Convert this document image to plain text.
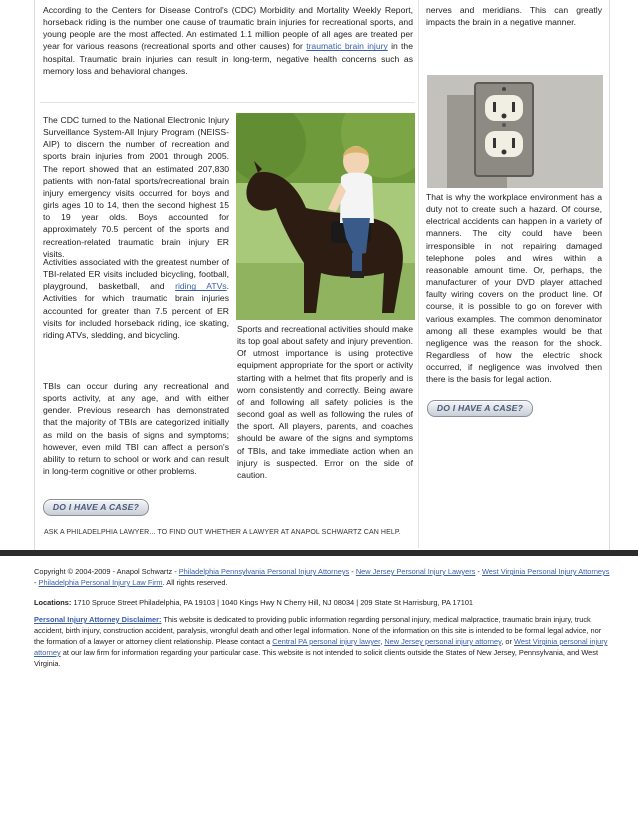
According to the Centers for Disease Control's (CDC) Morbidity and Mortality Weekly Report, horseback riding is the number one cause of traumatic brain injuries for recreational sports, and young people are the most affected. An estimated 1.1 million people of all ages are treated per year for various reasons (recreational sports and other causes) for traumatic brain injury in the hospital. Traumatic brain injuries can result in long-term, negative health concerns such as memory loss and behavioral changes.

The CDC turned to the National Electronic Injury Surveillance System-All Injury Program (NEISS-AIP) to discern the number of recreation and sports brain injuries from 2001 through 2005. The report showed that an estimated 207,830 patients with non-fatal sports/recreational brain injury emergency visits occurred for boys and girls ages 10 to 14, then the second highest 15 to 19 year olds. Boys accounted for approximately 70.5 percent of the sports and recreation-related traumatic brain injury ER visits.

Activities associated with the greatest number of TBI-related ER visits included bicycling, football, playground, basketball, and riding ATVs. Activities for which traumatic brain injuries accounted for greater than 7.5 percent of ER visits for included horseback riding, ice skating, riding ATVs, sledding, and bicycling.

TBIs can occur during any recreational and sports activity, at any age, and with either gender. Previous research has demonstrated that the majority of TBIs are categorized initially as mild on the basis of signs and symptoms; however, even mild TBI can affect a person's ability to return to school or work and can result in long-term cognitive or other problems.

Sports and recreational activities should make its top goal about safety and injury prevention. Of utmost importance is using protective equipment appropriate for the sport or activity starting with a helmet that fits properly and is worn consistently and correctly. Being aware of and following all safety policies is the second goal as well as following the rules of the sport. All players, parents, and coaches should be aware of the signs and symptoms of TBIs, and take immediate action when an injury is suspected. Error on the side of caution.

DO I HAVE A CASE?
ASK A PHILADELPHIA LAWYER... TO FIND OUT WHETHER A LAWYER AT ANAPOL SCHWARTZ CAN HELP.

nerves and meridians. This can greatly impacts the brain in a negative manner.

That is why the workplace environment has a duty not to create such a hazard. Of course, electrical accidents can happen in a variety of manners. The city could have been irresponsible in not repairing damaged telephone poles and wires within a reasonable amount time. Or, perhaps, the manufacturer of your DVD player attached faulty wiring covers on the product line. Of course, it is possible to go on forever with various examples. The common denominator among all these examples would be that negligence was the reason for the shock. Regardless of how the electric shock occurred, if negligence was involved then there is the basis for legal action.

DO I HAVE A CASE?

Copyright © 2004-2009 - Anapol Schwartz - Philadelphia Pennsylvania Personal Injury Attorneys - New Jersey Personal Injury Lawyers - West Virginia Personal Injury Attorneys - Philadelphia Personal Injury Law Firm. All rights reserved.

Locations: 1710 Spruce Street Philadelphia, PA 19103 | 1040 Kings Hwy N Cherry Hill, NJ 08034 | 209 State St Harrisburg, PA 17101

Personal Injury Attorney Disclaimer: This website is dedicated to providing public information regarding personal injury, medical malpractice, traumatic brain injury, truck accident, birth injury, construction accident, paralysis, wrongful death and other legal information. None of the information on this site is intended to be formal legal advice, nor the formation of a lawyer or attorney client relationship. Please contact a Central PA personal injury lawyer, New Jersey personal injury attorney, or West Virginia personal injury attorney at our law firm for information regarding your particular case. This website is not intended to solicit clients outside the States of New Jersey, Pennsylvania, and West Virginia.
